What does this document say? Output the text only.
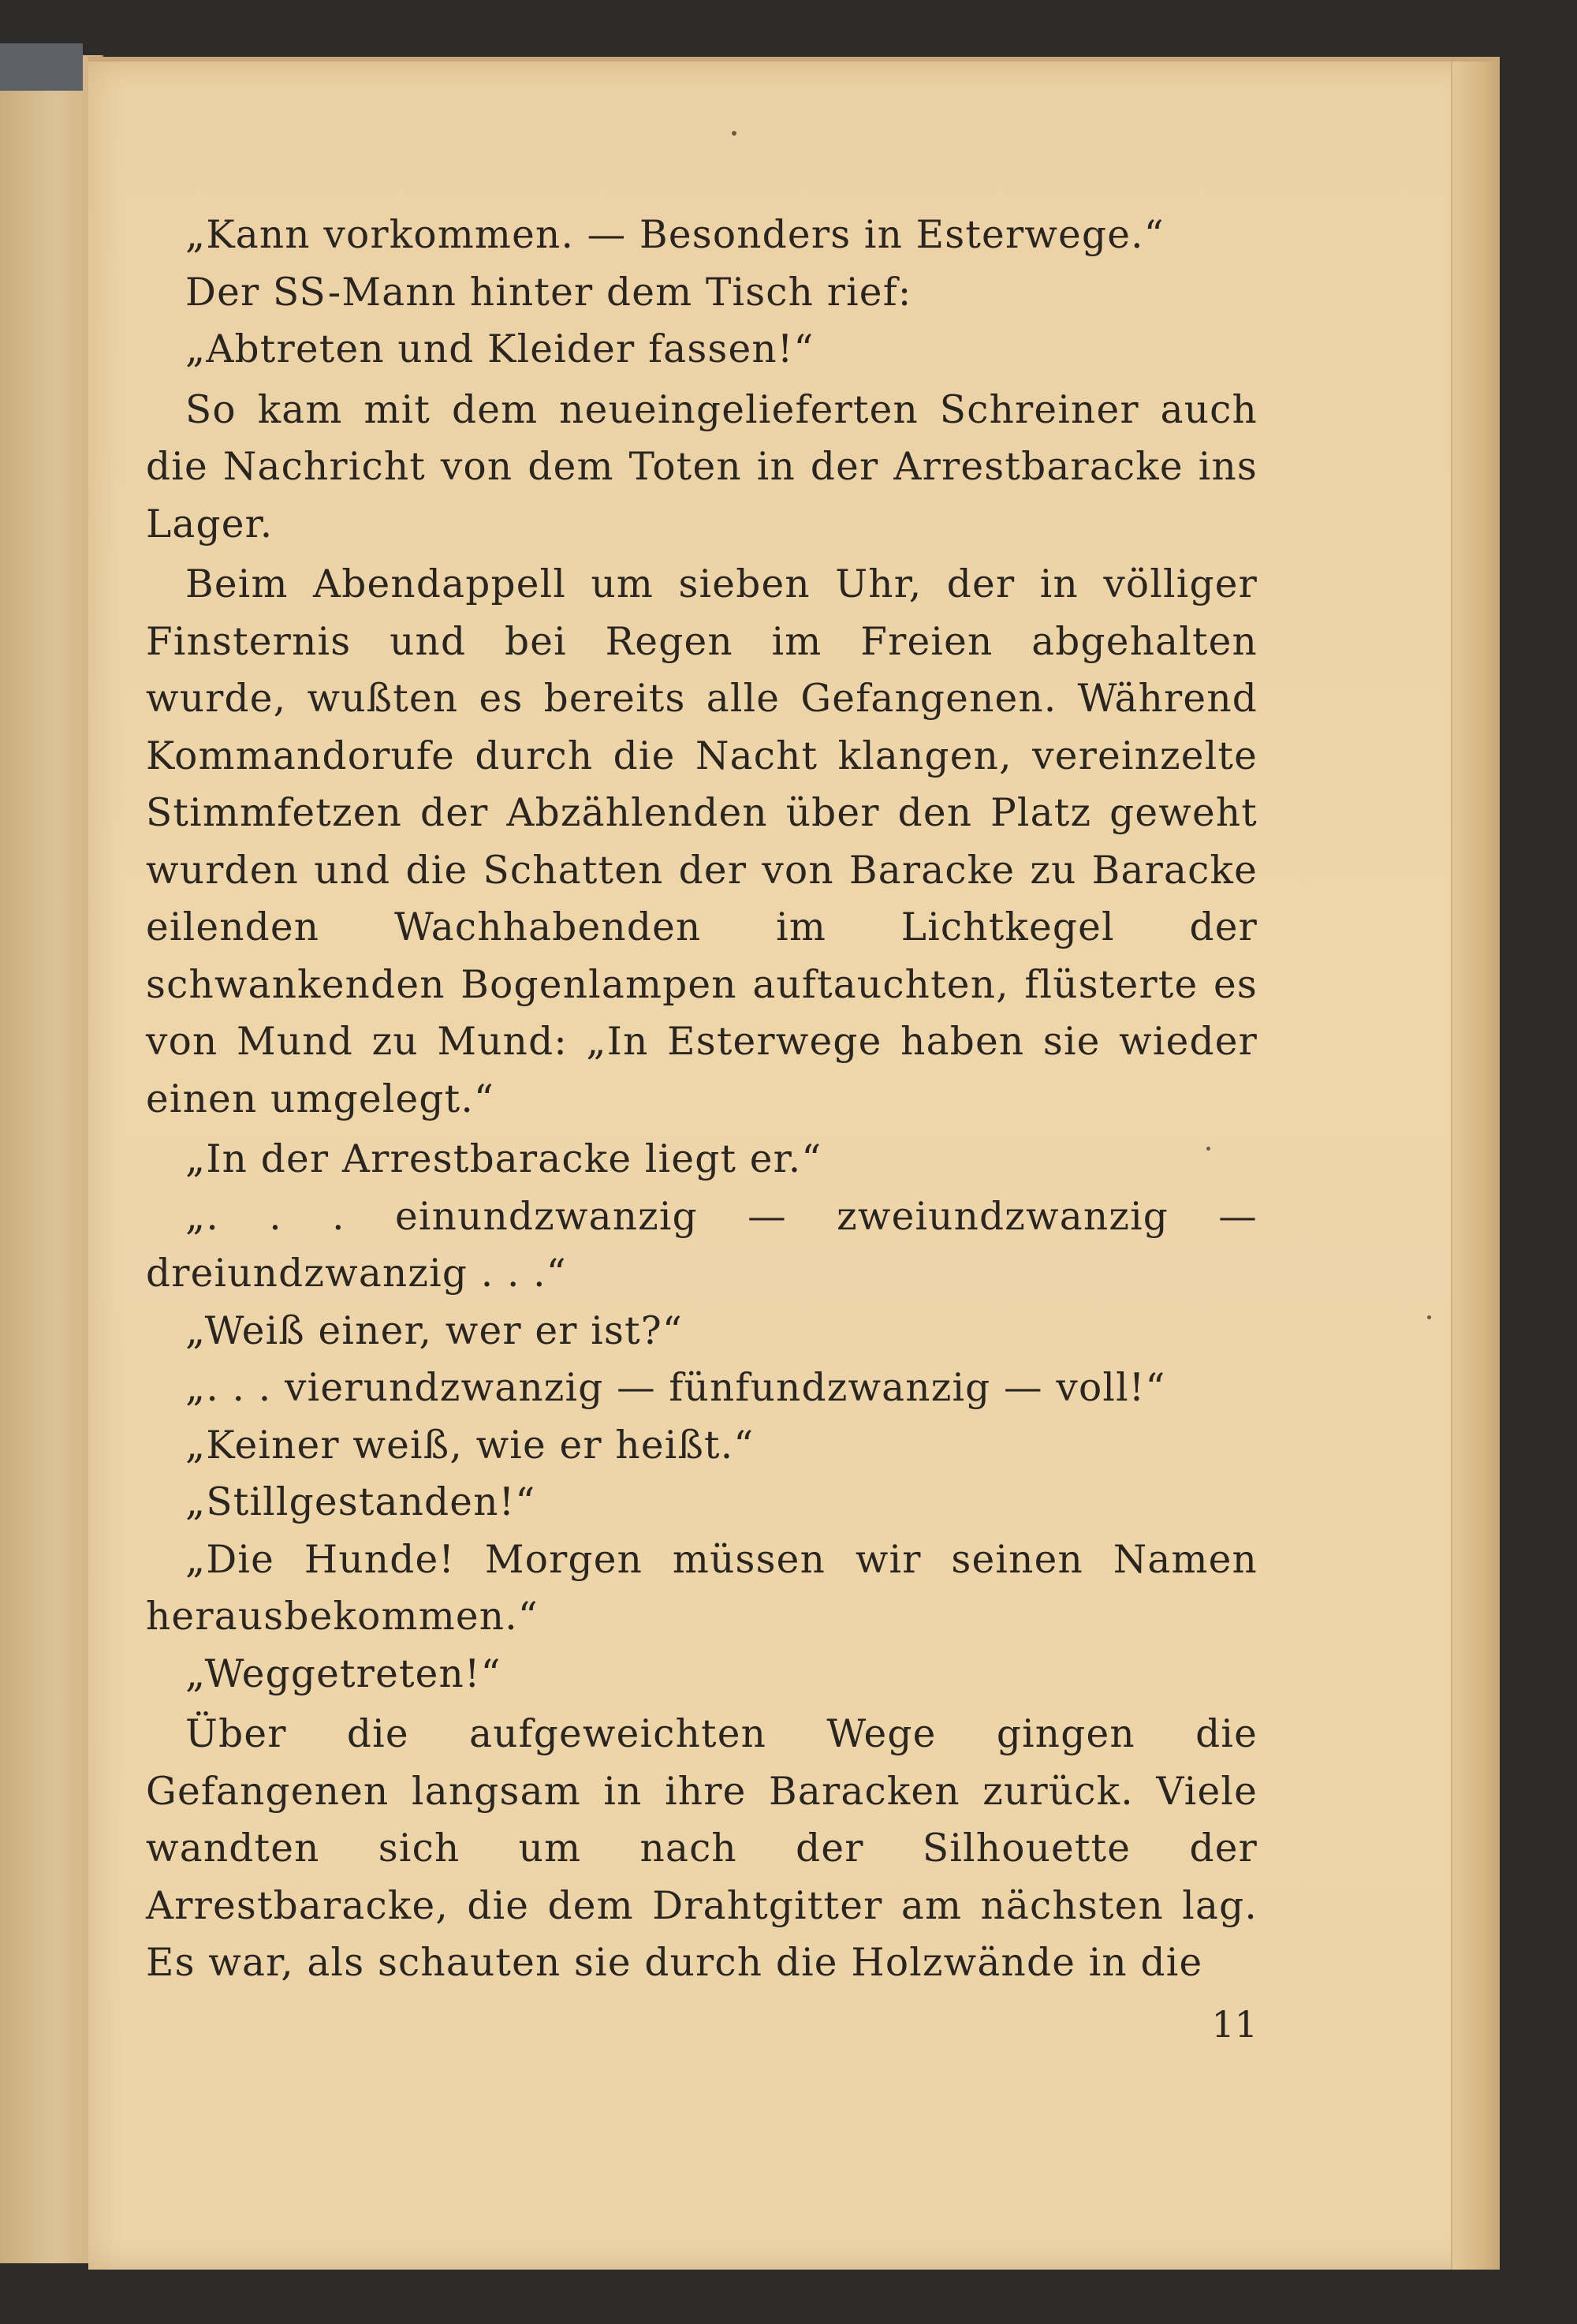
„Kann vorkommen. — Besonders in Esterwege.“

Der SS-Mann hinter dem Tisch rief:

„Abtreten und Kleider fassen!“

So kam mit dem neueingelieferten Schreiner auch die Nachricht von dem Toten in der Arrestbaracke ins Lager.

Beim Abendappell um sieben Uhr, der in völliger Finsternis und bei Regen im Freien abgehalten wurde, wußten es bereits alle Gefangenen. Während Kommandorufe durch die Nacht klangen, vereinzelte Stimmfetzen der Abzählenden über den Platz geweht wurden und die Schatten der von Baracke zu Baracke eilenden Wachhabenden im Lichtkegel der schwankenden Bogenlampen auftauchten, flüsterte es von Mund zu Mund: „In Esterwege haben sie wieder einen umgelegt.“

„In der Arrestbaracke liegt er.“

„. . . einundzwanzig — zweiundzwanzig — dreiundzwanzig . . .“

„Weiß einer, wer er ist?“

„. . . vierundzwanzig — fünfundzwanzig — voll!“

„Keiner weiß, wie er heißt.“

„Stillgestanden!“

„Die Hunde! Morgen müssen wir seinen Namen herausbekommen.“

„Weggetreten!“

Über die aufgeweichten Wege gingen die Gefangenen langsam in ihre Baracken zurück. Viele wandten sich um nach der Silhouette der Arrestbaracke, die dem Drahtgitter am nächsten lag. Es war, als schauten sie durch die Holzwände in die

11
